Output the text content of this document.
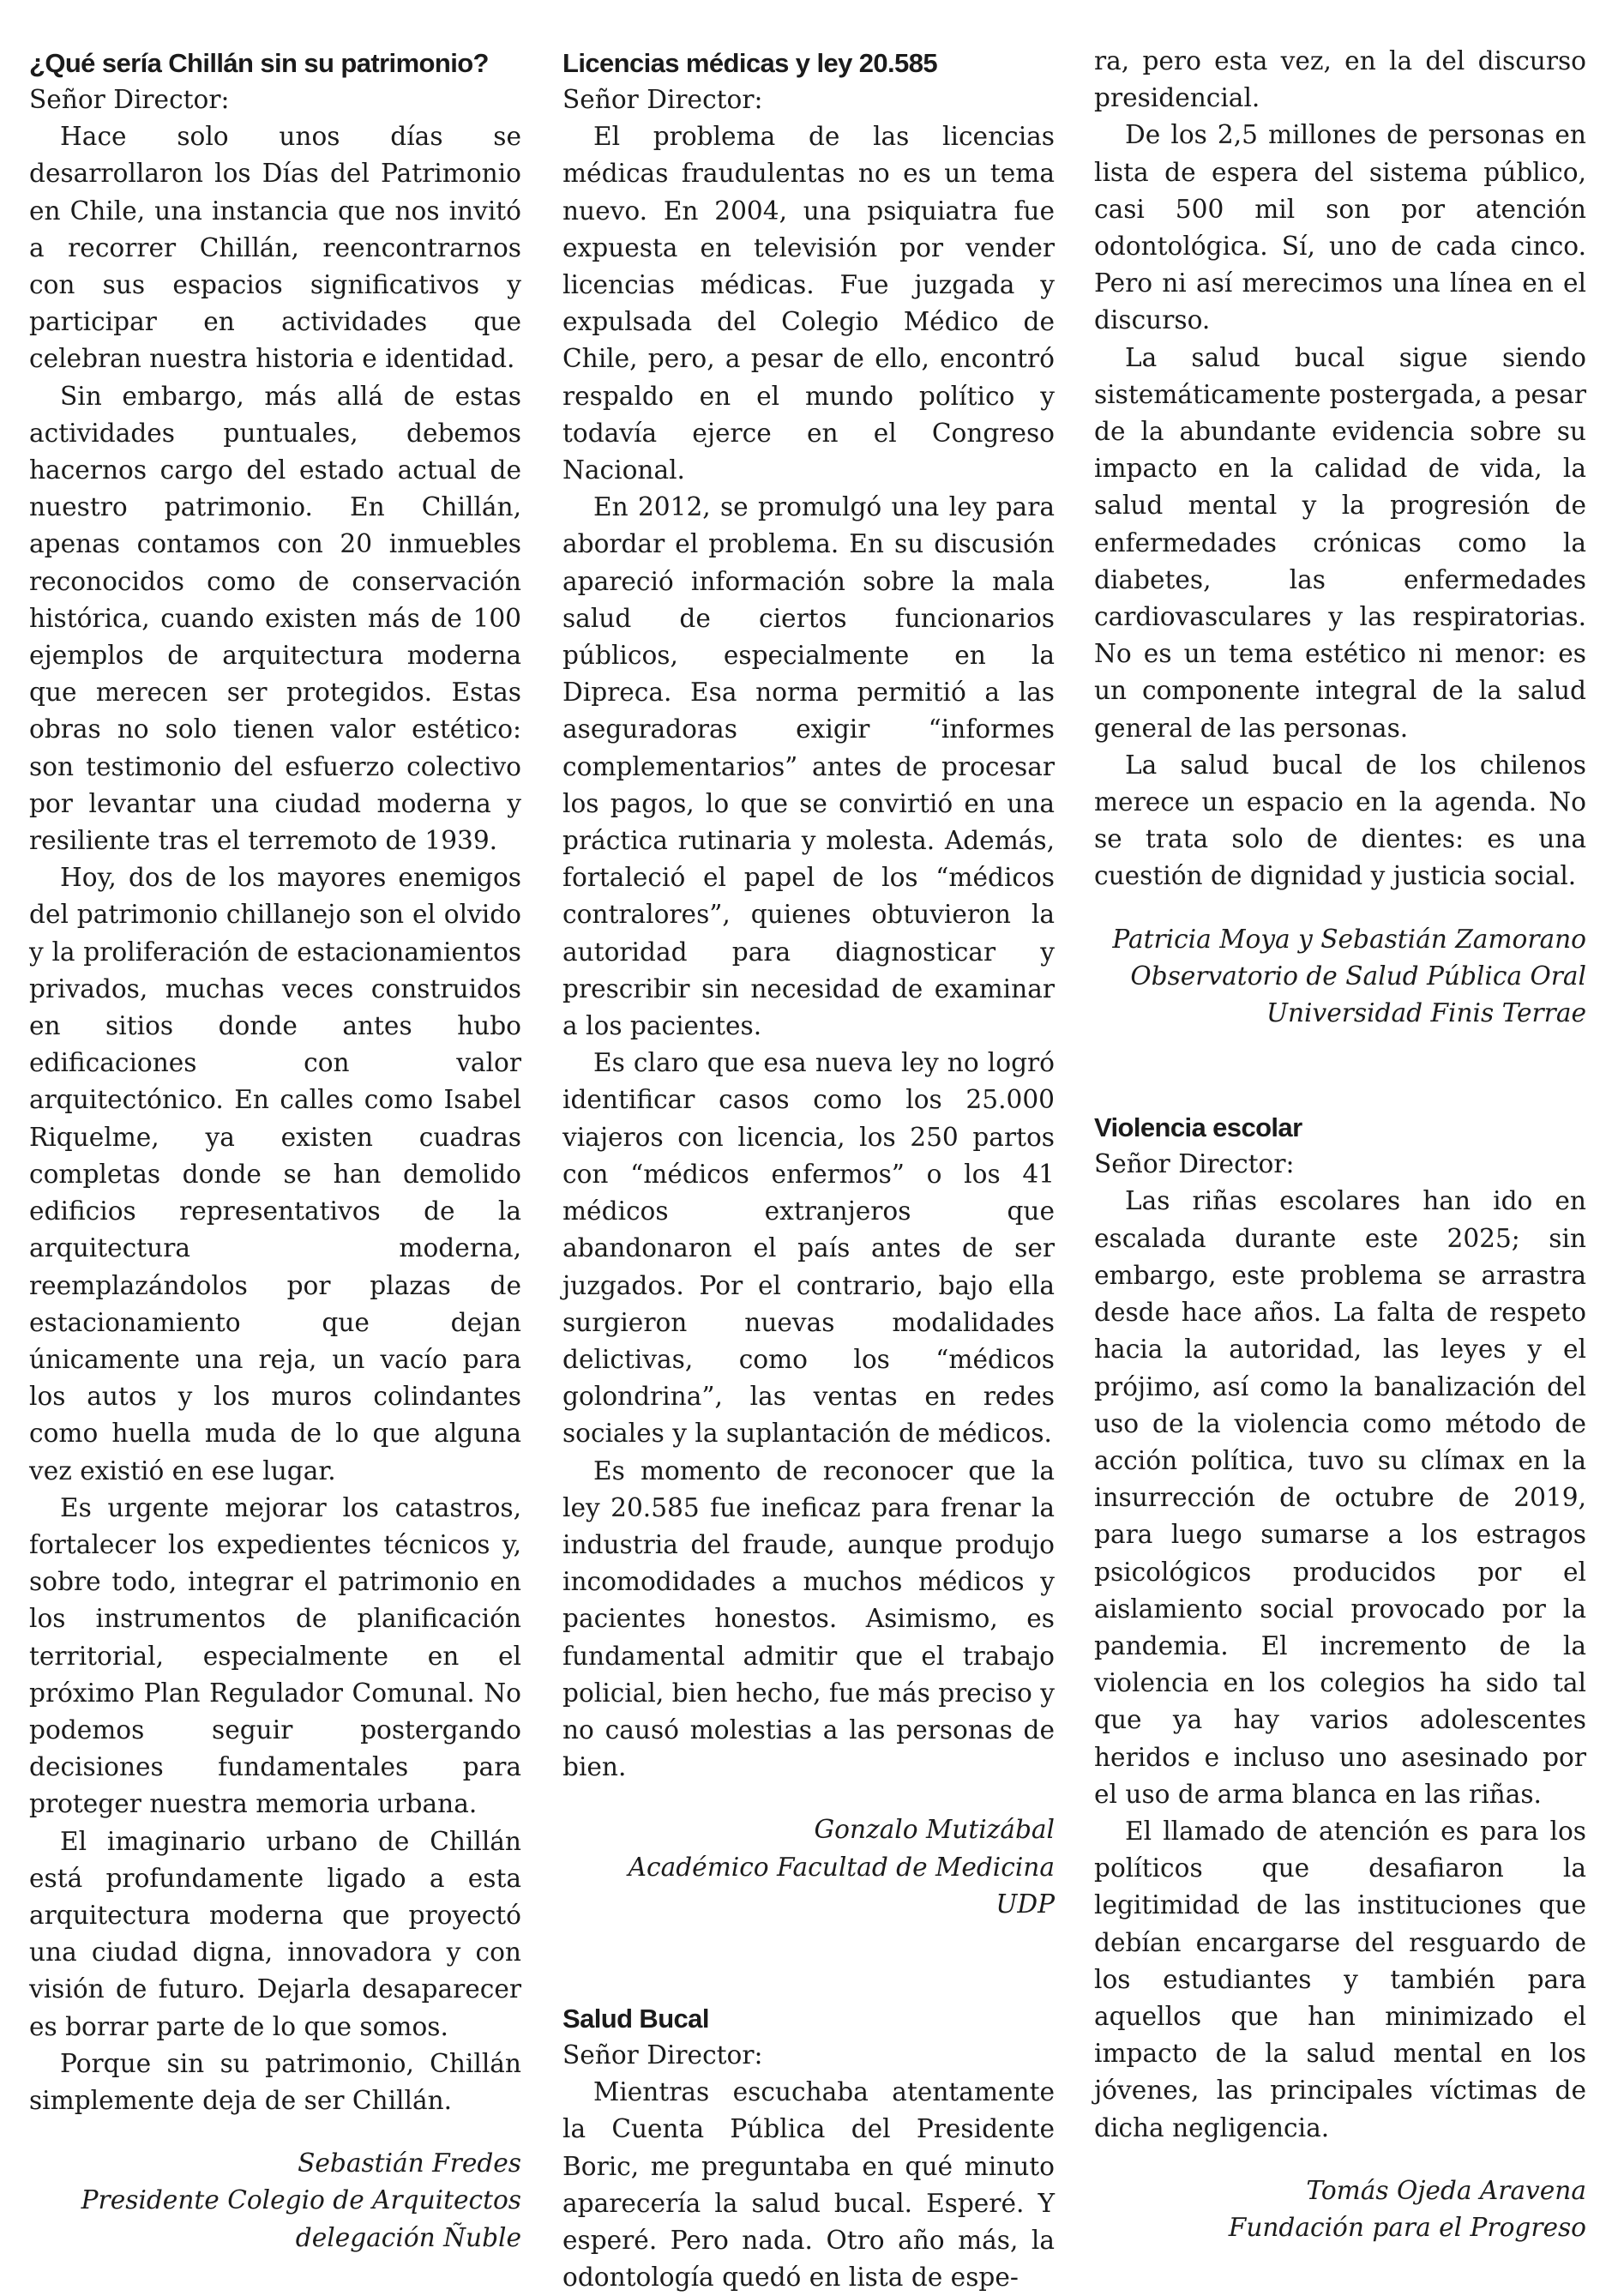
¿Qué sería Chillán sin su patrimonio?
Señor Director:

Hace solo unos días se desarrollaron los Días del Patrimonio en Chile, una instancia que nos invitó a recorrer Chillán, reencontrarnos con sus espacios significativos y participar en actividades que celebran nuestra historia e identidad.

Sin embargo, más allá de estas actividades puntuales, debemos hacernos cargo del estado actual de nuestro patrimonio. En Chillán, apenas contamos con 20 inmuebles reconocidos como de conservación histórica, cuando existen más de 100 ejemplos de arquitectura moderna que merecen ser protegidos. Estas obras no solo tienen valor estético: son testimonio del esfuerzo colectivo por levantar una ciudad moderna y resiliente tras el terremoto de 1939.

Hoy, dos de los mayores enemigos del patrimonio chillanejo son el olvido y la proliferación de estacionamientos privados, muchas veces construidos en sitios donde antes hubo edificaciones con valor arquitectónico. En calles como Isabel Riquelme, ya existen cuadras completas donde se han demolido edificios representativos de la arquitectura moderna, reemplazándolos por plazas de estacionamiento que dejan únicamente una reja, un vacío para los autos y los muros colindantes como huella muda de lo que alguna vez existió en ese lugar.

Es urgente mejorar los catastros, fortalecer los expedientes técnicos y, sobre todo, integrar el patrimonio en los instrumentos de planificación territorial, especialmente en el próximo Plan Regulador Comunal. No podemos seguir postergando decisiones fundamentales para proteger nuestra memoria urbana.

El imaginario urbano de Chillán está profundamente ligado a esta arquitectura moderna que proyectó una ciudad digna, innovadora y con visión de futuro. Dejarla desaparecer es borrar parte de lo que somos.

Porque sin su patrimonio, Chillán simplemente deja de ser Chillán.

Sebastián Fredes
Presidente Colegio de Arquitectos
delegación Ñuble
Licencias médicas y ley 20.585
Señor Director:

El problema de las licencias médicas fraudulentas no es un tema nuevo. En 2004, una psiquiatra fue expuesta en televisión por vender licencias médicas. Fue juzgada y expulsada del Colegio Médico de Chile, pero, a pesar de ello, encontró respaldo en el mundo político y todavía ejerce en el Congreso Nacional.

En 2012, se promulgó una ley para abordar el problema. En su discusión apareció información sobre la mala salud de ciertos funcionarios públicos, especialmente en la Dipreca. Esa norma permitió a las aseguradoras exigir “informes complementarios” antes de procesar los pagos, lo que se convirtió en una práctica rutinaria y molesta. Además, fortaleció el papel de los “médicos contralores”, quienes obtuvieron la autoridad para diagnosticar y prescribir sin necesidad de examinar a los pacientes.

Es claro que esa nueva ley no logró identificar casos como los 25.000 viajeros con licencia, los 250 partos con “médicos enfermos” o los 41 médicos extranjeros que abandonaron el país antes de ser juzgados. Por el contrario, bajo ella surgieron nuevas modalidades delictivas, como los “médicos golondrina”, las ventas en redes sociales y la suplantación de médicos.

Es momento de reconocer que la ley 20.585 fue ineficaz para frenar la industria del fraude, aunque produjo incomodidades a muchos médicos y pacientes honestos. Asimismo, es fundamental admitir que el trabajo policial, bien hecho, fue más preciso y no causó molestias a las personas de bien.

Gonzalo Mutizábal
Académico Facultad de Medicina UDP
Salud Bucal
Señor Director:

Mientras escuchaba atentamente la Cuenta Pública del Presidente Boric, me preguntaba en qué minuto aparecería la salud bucal. Esperé. Y esperé. Pero nada. Otro año más, la odontología quedó en lista de espe-

ra, pero esta vez, en la del discurso presidencial.

De los 2,5 millones de personas en lista de espera del sistema público, casi 500 mil son por atención odontológica. Sí, uno de cada cinco. Pero ni así merecimos una línea en el discurso.

La salud bucal sigue siendo sistemáticamente postergada, a pesar de la abundante evidencia sobre su impacto en la calidad de vida, la salud mental y la progresión de enfermedades crónicas como la diabetes, las enfermedades cardiovasculares y las respiratorias. No es un tema estético ni menor: es un componente integral de la salud general de las personas.

La salud bucal de los chilenos merece un espacio en la agenda. No se trata solo de dientes: es una cuestión de dignidad y justicia social.

Patricia Moya y Sebastián Zamorano
Observatorio de Salud Pública Oral
Universidad Finis Terrae
Violencia escolar
Señor Director:

Las riñas escolares han ido en escalada durante este 2025; sin embargo, este problema se arrastra desde hace años. La falta de respeto hacia la autoridad, las leyes y el prójimo, así como la banalización del uso de la violencia como método de acción política, tuvo su clímax en la insurrección de octubre de 2019, para luego sumarse a los estragos psicológicos producidos por el aislamiento social provocado por la pandemia. El incremento de la violencia en los colegios ha sido tal que ya hay varios adolescentes heridos e incluso uno asesinado por el uso de arma blanca en las riñas.

El llamado de atención es para los políticos que desafiaron la legitimidad de las instituciones que debían encargarse del resguardo de los estudiantes y también para aquellos que han minimizado el impacto de la salud mental en los jóvenes, las principales víctimas de dicha negligencia.

Tomás Ojeda Aravena
Fundación para el Progreso
